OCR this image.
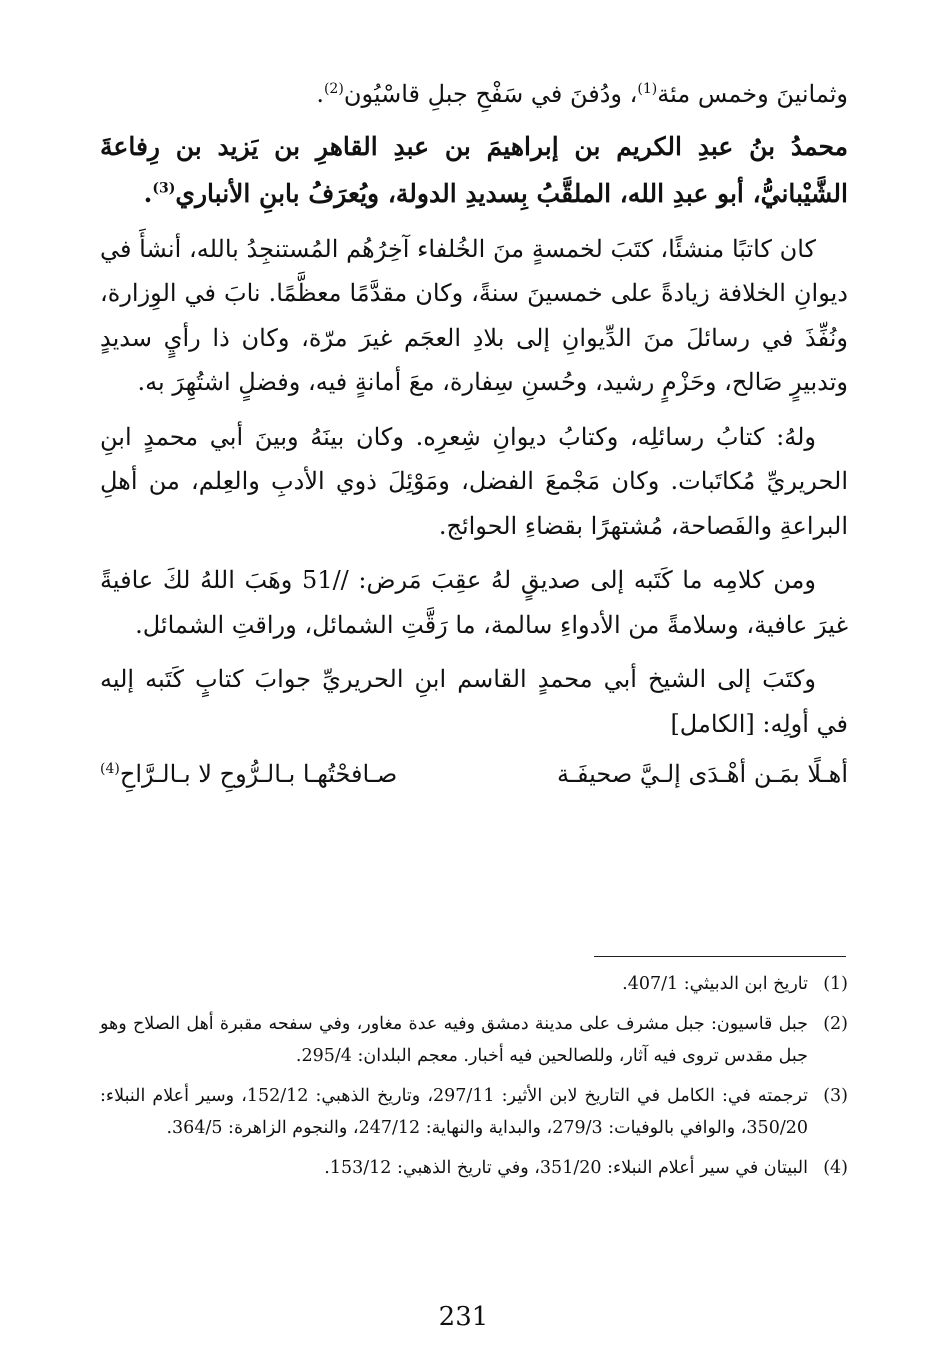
وثمانينَ وخمس مئة$^{(1)}$، ودُفنَ في سَفْحِ جبلِ قاسْيُون$^{(2)}$.

محمدُ بنُ عبدِ الكريم بن إبراهيمَ بن عبدِ القاهرِ بن يَزيد بن رِفاعةَ الشَّيْبانيُّ، أبو عبدِ الله، الملقَّبُ بِسديدِ الدولة، ويُعرَفُ بابنِ الأنباري$^{(3)}$.

كان كاتبًا منشئًا، كتَبَ لخمسةٍ منَ الخُلفاء آخِرُهُم المُستنجِدُ بالله، أنشأَ في ديوانِ الخلافة زيادةً على خمسينَ سنةً، وكان مقدَّمًا معظَّمًا. نابَ في الوِزارة، ونُفِّذَ في رسائلَ منَ الدِّيوانِ إلى بلادِ العجَم غيرَ مرّة، وكان ذا رأيٍ سديدٍ وتدبيرٍ صَالح، وحَزْمٍ رشيد، وحُسنِ سِفارة، معَ أمانةٍ فيه، وفضلٍ اشتُهِرَ به.

ولهُ: كتابُ رسائلِه، وكتابُ ديوانِ شِعرِه. وكان بينَهُ وبينَ أبي محمدٍ ابنِ الحريريِّ مُكاتَبات. وكان مَجْمعَ الفضل، ومَوْئِلَ ذوي الأدبِ والعِلم، من أهلِ البراعةِ والفَصاحة، مُشتهرًا بقضاءِ الحوائج.

ومن كلامِه ما كَتَبه إلى صديقٍ لهُ عقِبَ مَرض: //51 وهَبَ اللهُ لكَ عافيةً غيرَ عافية، وسلامةً من الأدواءِ سالمة، ما رَقَّتِ الشمائل، وراقتِ الشمائل.

وكتَبَ إلى الشيخ أبي محمدٍ القاسم ابنِ الحريريِّ جوابَ كتابٍ كَتَبه إليه في أولِه: [الكامل]

أهـلًا بمَـن أهْـدَى إلـيَّ صحيفَـة
صـافحْتُهـا بـالـرُّوحِ لا بـالـرَّاحِ$^{(4)}$
(1)
تاريخ ابن الدبيثي: 407/1.
(2)
جبل قاسيون: جبل مشرف على مدينة دمشق وفيه عدة مغاور، وفي سفحه مقبرة أهل الصلاح وهو جبل مقدس تروى فيه آثار، وللصالحين فيه أخبار. معجم البلدان: 295/4.
(3)
ترجمته في: الكامل في التاريخ لابن الأثير: 297/11، وتاريخ الذهبي: 152/12، وسير أعلام النبلاء: 350/20، والوافي بالوفيات: 279/3، والبداية والنهاية: 247/12، والنجوم الزاهرة: 364/5.
(4)
البيتان في سير أعلام النبلاء: 351/20، وفي تاريخ الذهبي: 153/12.
231
